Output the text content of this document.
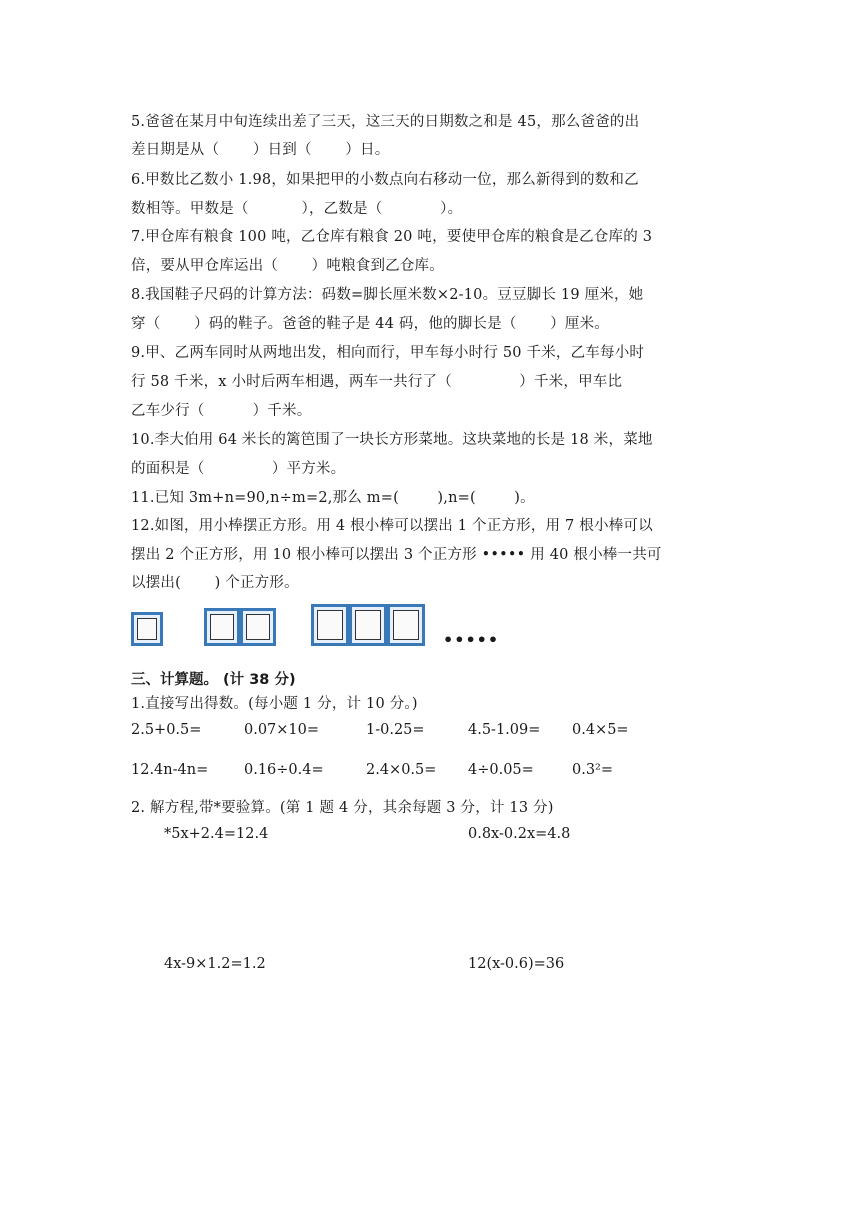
5.爸爸在某月中旬连续出差了三天，这三天的日期数之和是 45，那么爸爸的出
差日期是从（       ）日到（       ）日。
6.甲数比乙数小 1.98，如果把甲的小数点向右移动一位，那么新得到的数和乙
数相等。甲数是（           ），乙数是（            ）。
7.甲仓库有粮食 100 吨，乙仓库有粮食 20 吨，要使甲仓库的粮食是乙仓库的 3
倍，要从甲仓库运出（       ）吨粮食到乙仓库。
8.我国鞋子尺码的计算方法：码数=脚长厘米数×2-10。豆豆脚长 19 厘米，她
穿（       ）码的鞋子。爸爸的鞋子是 44 码，他的脚长是（       ）厘米。
9.甲、乙两车同时从两地出发，相向而行，甲车每小时行 50 千米，乙车每小时
行 58 千米，x 小时后两车相遇，两车一共行了（              ）千米，甲车比
乙车少行（          ）千米。
10.李大伯用 64 米长的篱笆围了一块长方形菜地。这块菜地的长是 18 米，菜地
的面积是（              ）平方米。
11.已知 3m+n=90,n÷m=2,那么 m=(        ),n=(        )。
12.如图，用小棒摆正方形。用 4 根小棒可以摆出 1 个正方形，用 7 根小棒可以
摆出 2 个正方形，用 10 根小棒可以摆出 3 个正方形 ••••• 用 40 根小棒一共可
以摆出(       ) 个正方形。
•••••
三、计算题。 (计 38 分)
1.直接写出得数。(每小题 1 分，计 10 分。)
2.5+0.5=	0.07×10=	1-0.25=	4.5-1.09= 0.4×5=
12.4n-4n= 0.16÷0.4=	2.4×0.5= 4÷0.05=	0.3²=
2. 解方程,带*要验算。(第 1 题 4 分，其余每题 3 分，计 13 分)
*5x+2.4=12.4	0.8x-0.2x=4.8
4x-9×1.2=1.2	12(x-0.6)=36
